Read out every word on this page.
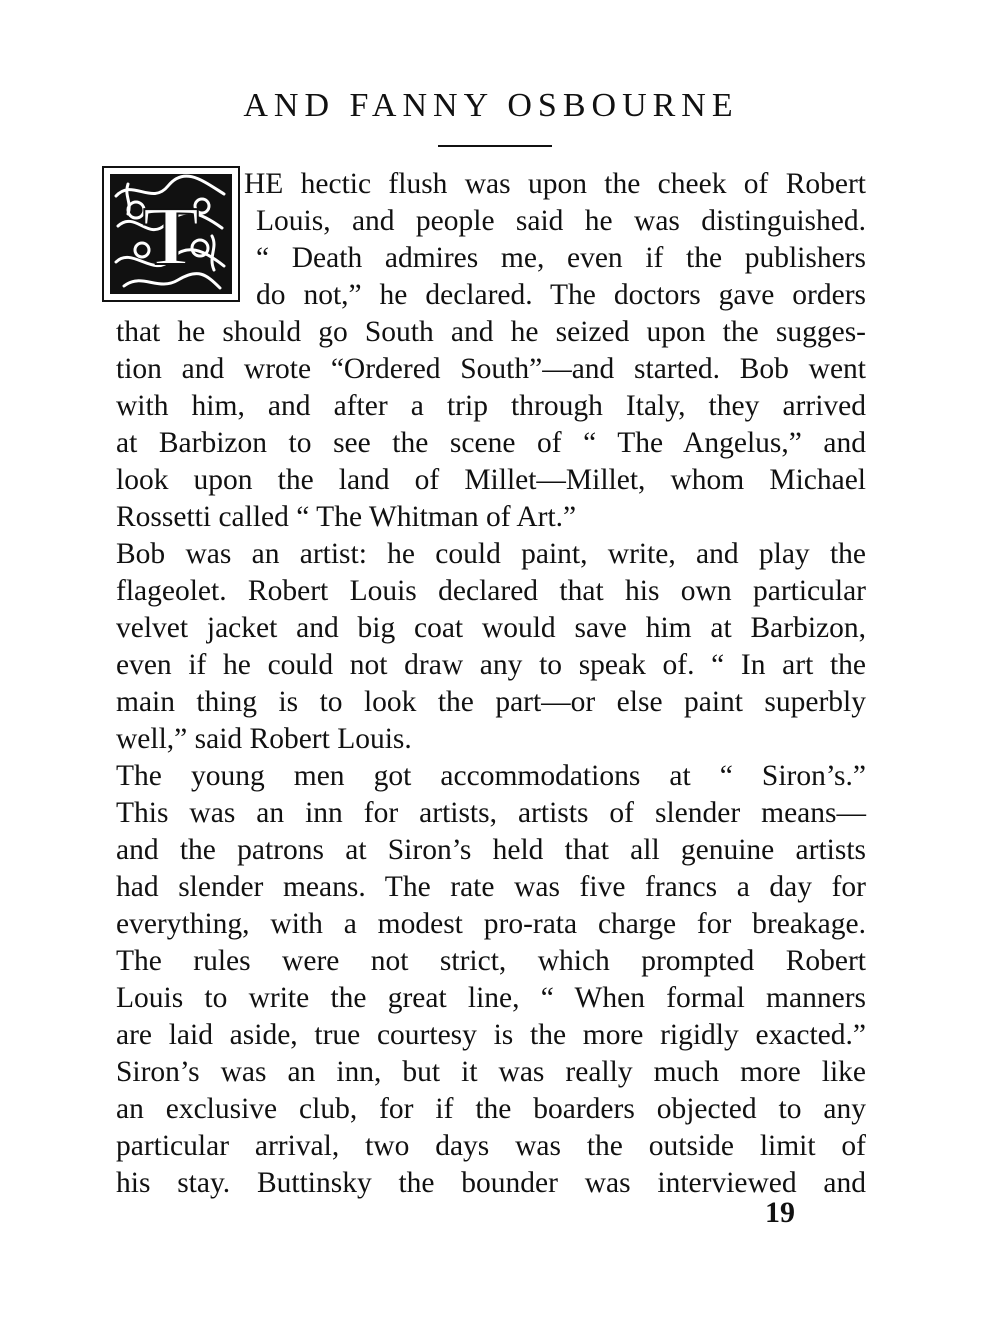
AND FANNY OSBOURNE
T
HE hectic flush was upon the cheek of Robert
Louis, and people said he was distinguished.
“ Death admires me, even if the publishers
do not,” he declared. The doctors gave orders
that he should go South and he seized upon the sugges-
tion and wrote “Ordered South”—and started. Bob went
with him, and after a trip through Italy, they arrived
at Barbizon to see the scene of “ The Angelus,” and
look upon the land of Millet—Millet, whom Michael
Rossetti called “ The Whitman of Art.”
Bob was an artist: he could paint, write, and play the
flageolet. Robert Louis declared that his own particular
velvet jacket and big coat would save him at Barbizon,
even if he could not draw any to speak of. “ In art the
main thing is to look the part—or else paint superbly
well,” said Robert Louis.
The young men got accommodations at “ Siron’s.”
This was an inn for artists, artists of slender means—
and the patrons at Siron’s held that all genuine artists
had slender means. The rate was five francs a day for
everything, with a modest pro-rata charge for breakage.
The rules were not strict, which prompted Robert
Louis to write the great line, “ When formal manners
are laid aside, true courtesy is the more rigidly exacted.”
Siron’s was an inn, but it was really much more like
an exclusive club, for if the boarders objected to any
particular arrival, two days was the outside limit of
his stay. Buttinsky the bounder was interviewed and
19
